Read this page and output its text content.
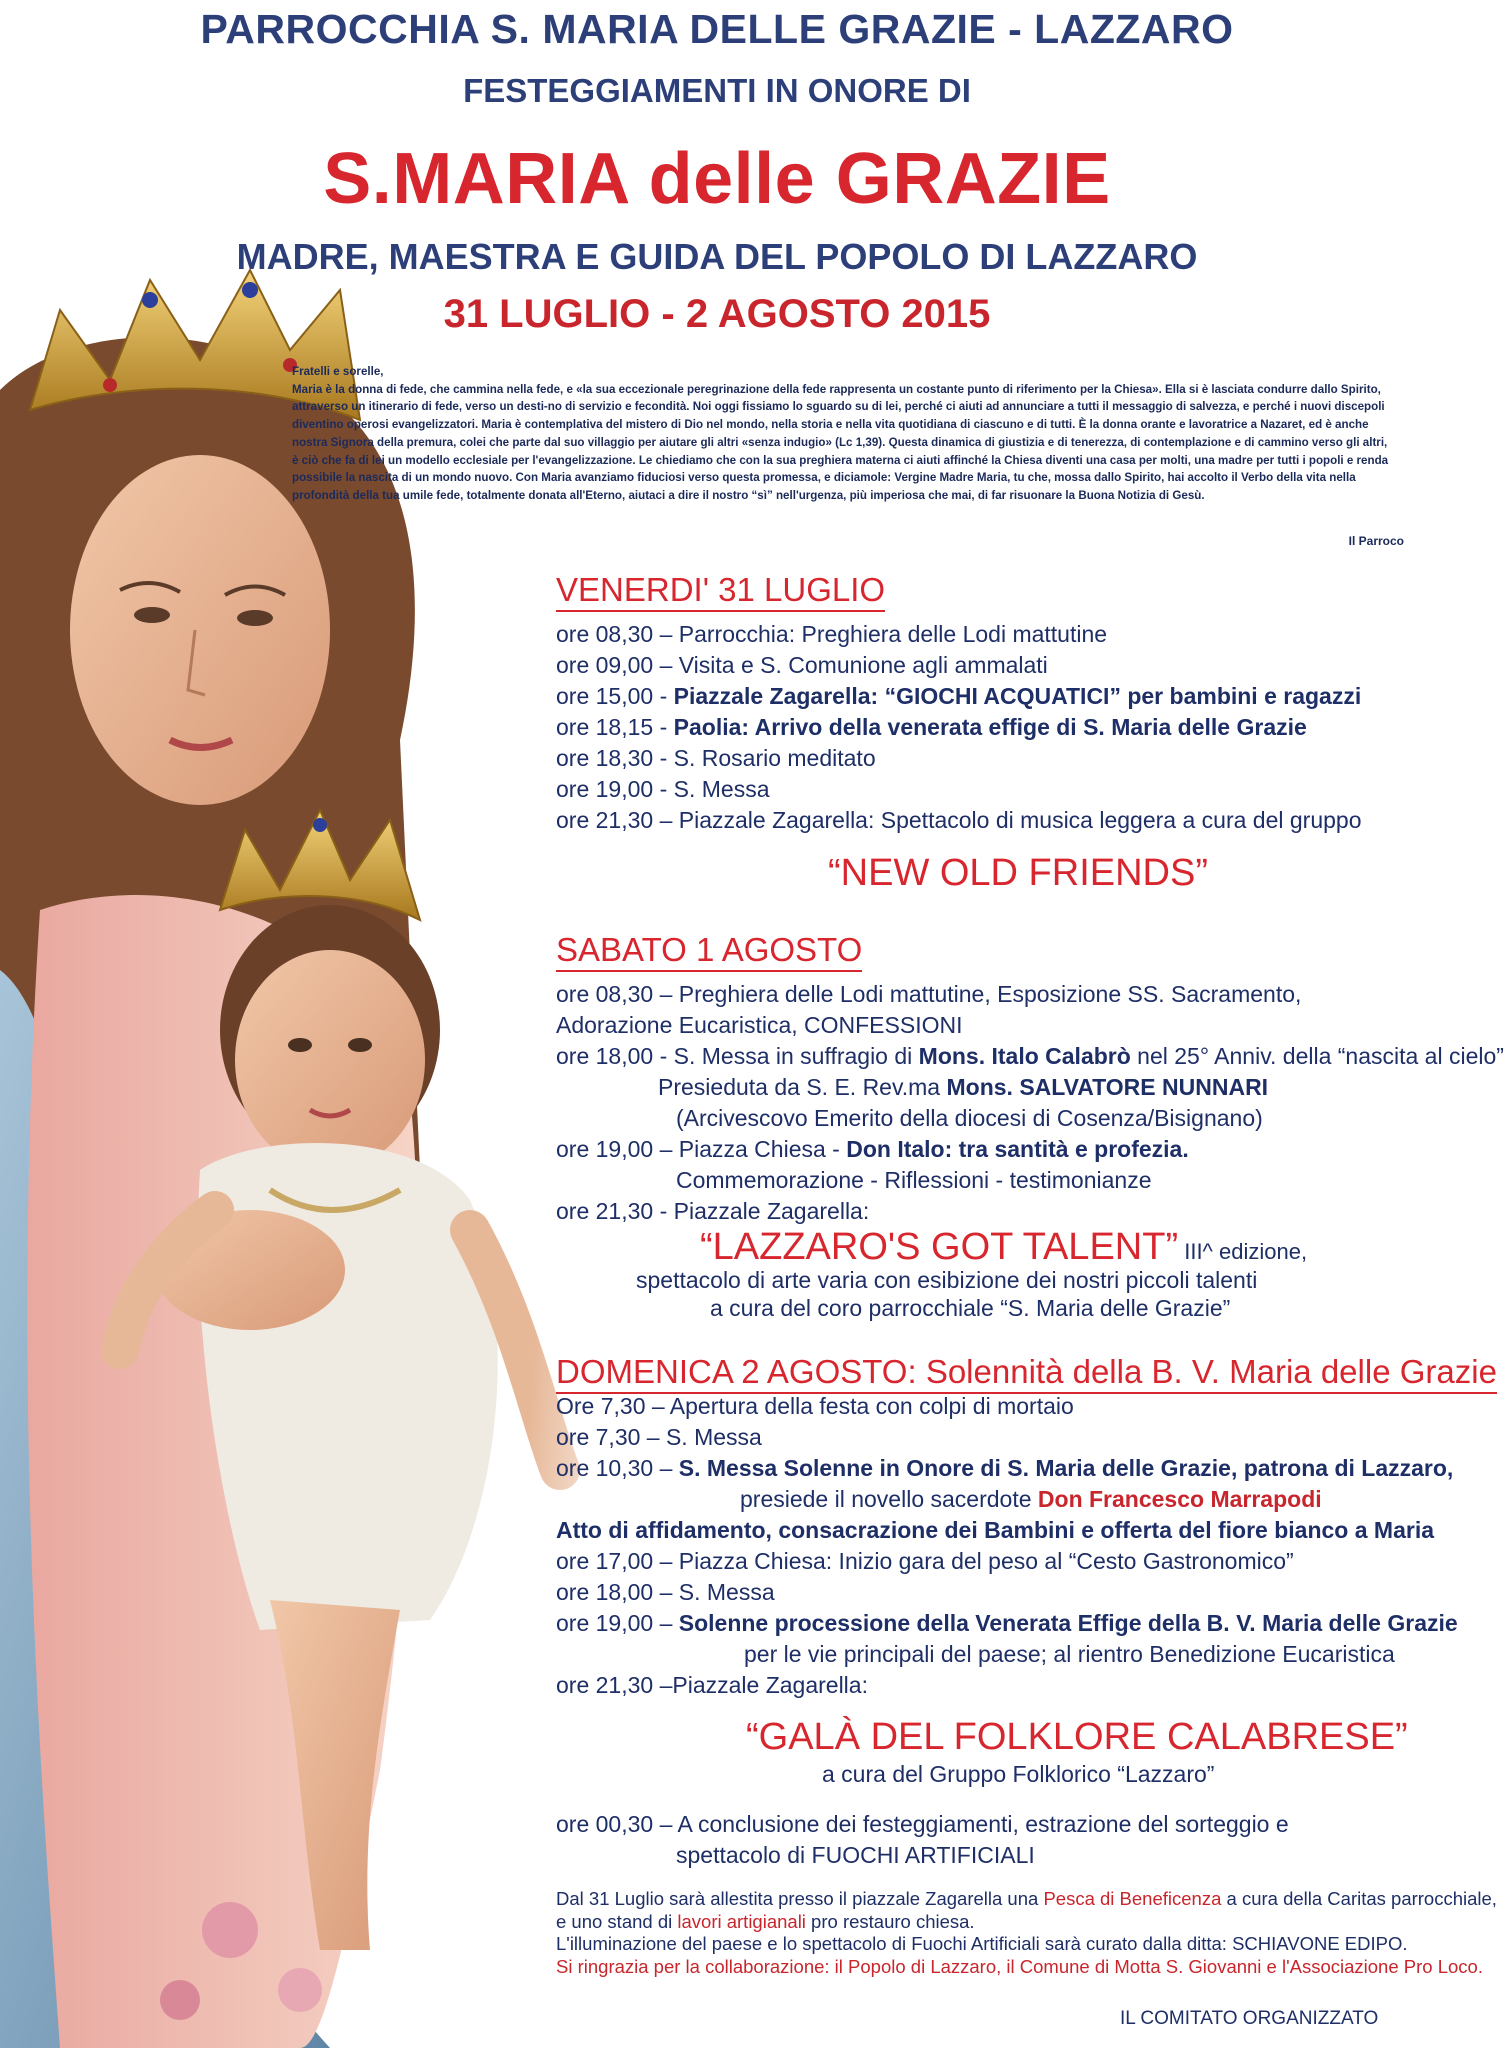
PARROCCHIA S. MARIA DELLE GRAZIE - LAZZARO
FESTEGGIAMENTI IN ONORE DI
S.MARIA delle GRAZIE
MADRE, MAESTRA E GUIDA DEL POPOLO DI LAZZARO
31 LUGLIO - 2 AGOSTO 2015

Fratelli e sorelle,

Maria è la donna di fede, che cammina nella fede, e «la sua eccezionale peregrinazione della fede rappresenta un costante punto di riferimento per la Chiesa». Ella si è lasciata condurre dallo Spirito,

attraverso un itinerario di fede, verso un desti-no di servizio e fecondità. Noi oggi fissiamo lo sguardo su di lei, perché ci aiuti ad annunciare a tutti il messaggio di salvezza, e perché i nuovi discepoli

diventino operosi evangelizzatori. Maria è contemplativa del mistero di Dio nel mondo, nella storia e nella vita quotidiana di ciascuno e di tutti. È la donna orante e lavoratrice a Nazaret, ed è anche

nostra Signora della premura, colei che parte dal suo villaggio per aiutare gli altri «senza indugio» (Lc 1,39). Questa dinamica di giustizia e di tenerezza, di contemplazione e di cammino verso gli altri,

è ciò che fa di lei un modello ecclesiale per l'evangelizzazione. Le chiediamo che con la sua preghiera materna ci aiuti affinché la Chiesa diventi una casa per molti, una madre per tutti i popoli e renda

possibile la nascita di un mondo nuovo. Con Maria avanziamo fiduciosi verso questa promessa, e diciamole: Vergine Madre Maria, tu che, mossa dallo Spirito, hai accolto il Verbo della vita nella

profondità della tua umile fede, totalmente donata all'Eterno, aiutaci a dire il nostro “sì” nell'urgenza, più imperiosa che mai, di far risuonare la Buona Notizia di Gesù.

Il Parroco
VENERDI' 31 LUGLIO
ore 08,30 – Parrocchia: Preghiera delle Lodi mattutine
ore 09,00 – Visita e S. Comunione agli ammalati
ore 15,00 - Piazzale Zagarella: “GIOCHI ACQUATICI” per bambini e ragazzi
ore 18,15 - Paolia: Arrivo della venerata effige di S. Maria delle Grazie
ore 18,30 - S. Rosario meditato
ore 19,00 - S. Messa
ore 21,30 – Piazzale Zagarella: Spettacolo di musica leggera a cura del gruppo
“NEW OLD FRIENDS”
SABATO 1 AGOSTO
ore 08,30 – Preghiera delle Lodi mattutine, Esposizione SS. Sacramento,
Adorazione Eucaristica, CONFESSIONI
ore 18,00 - S. Messa in suffragio di Mons. Italo Calabrò nel 25° Anniv. della “nascita al cielo”
Presieduta da S. E. Rev.ma Mons. SALVATORE NUNNARI
(Arcivescovo Emerito della diocesi di Cosenza/Bisignano)
ore 19,00 – Piazza Chiesa - Don Italo: tra santità e profezia.
Commemorazione - Riflessioni - testimonianze
ore 21,30 - Piazzale Zagarella:
“LAZZARO'S GOT TALENT” III^ edizione,
spettacolo di arte varia con esibizione dei nostri piccoli talenti
a cura del coro parrocchiale “S. Maria delle Grazie”
DOMENICA 2 AGOSTO: Solennità della B. V. Maria delle Grazie
Ore 7,30 – Apertura della festa con colpi di mortaio
ore 7,30 – S. Messa
ore 10,30 – S. Messa Solenne in Onore di S. Maria delle Grazie, patrona di Lazzaro,
presiede il novello sacerdote Don Francesco Marrapodi
Atto di affidamento, consacrazione dei Bambini e offerta del fiore bianco a Maria
ore 17,00 – Piazza Chiesa: Inizio gara del peso al “Cesto Gastronomico”
ore 18,00 – S. Messa
ore 19,00 – Solenne processione della Venerata Effige della B. V. Maria delle Grazie
per le vie principali del paese; al rientro Benedizione Eucaristica
ore 21,30 –Piazzale Zagarella:
“GALÀ DEL FOLKLORE CALABRESE”
a cura del Gruppo Folklorico “Lazzaro”
ore 00,30 – A conclusione dei festeggiamenti, estrazione del sorteggio e
spettacolo di FUOCHI ARTIFICIALI
Dal 31 Luglio sarà allestita presso il piazzale Zagarella una Pesca di Beneficenza a cura della Caritas parrocchiale,
e uno stand di lavori artigianali pro restauro chiesa.
L'illuminazione del paese e lo spettacolo di Fuochi Artificiali sarà curato dalla ditta: SCHIAVONE EDIPO.
Si ringrazia per la collaborazione: il Popolo di Lazzaro, il Comune di Motta S. Giovanni e l'Associazione Pro Loco.
IL COMITATO ORGANIZZATO
